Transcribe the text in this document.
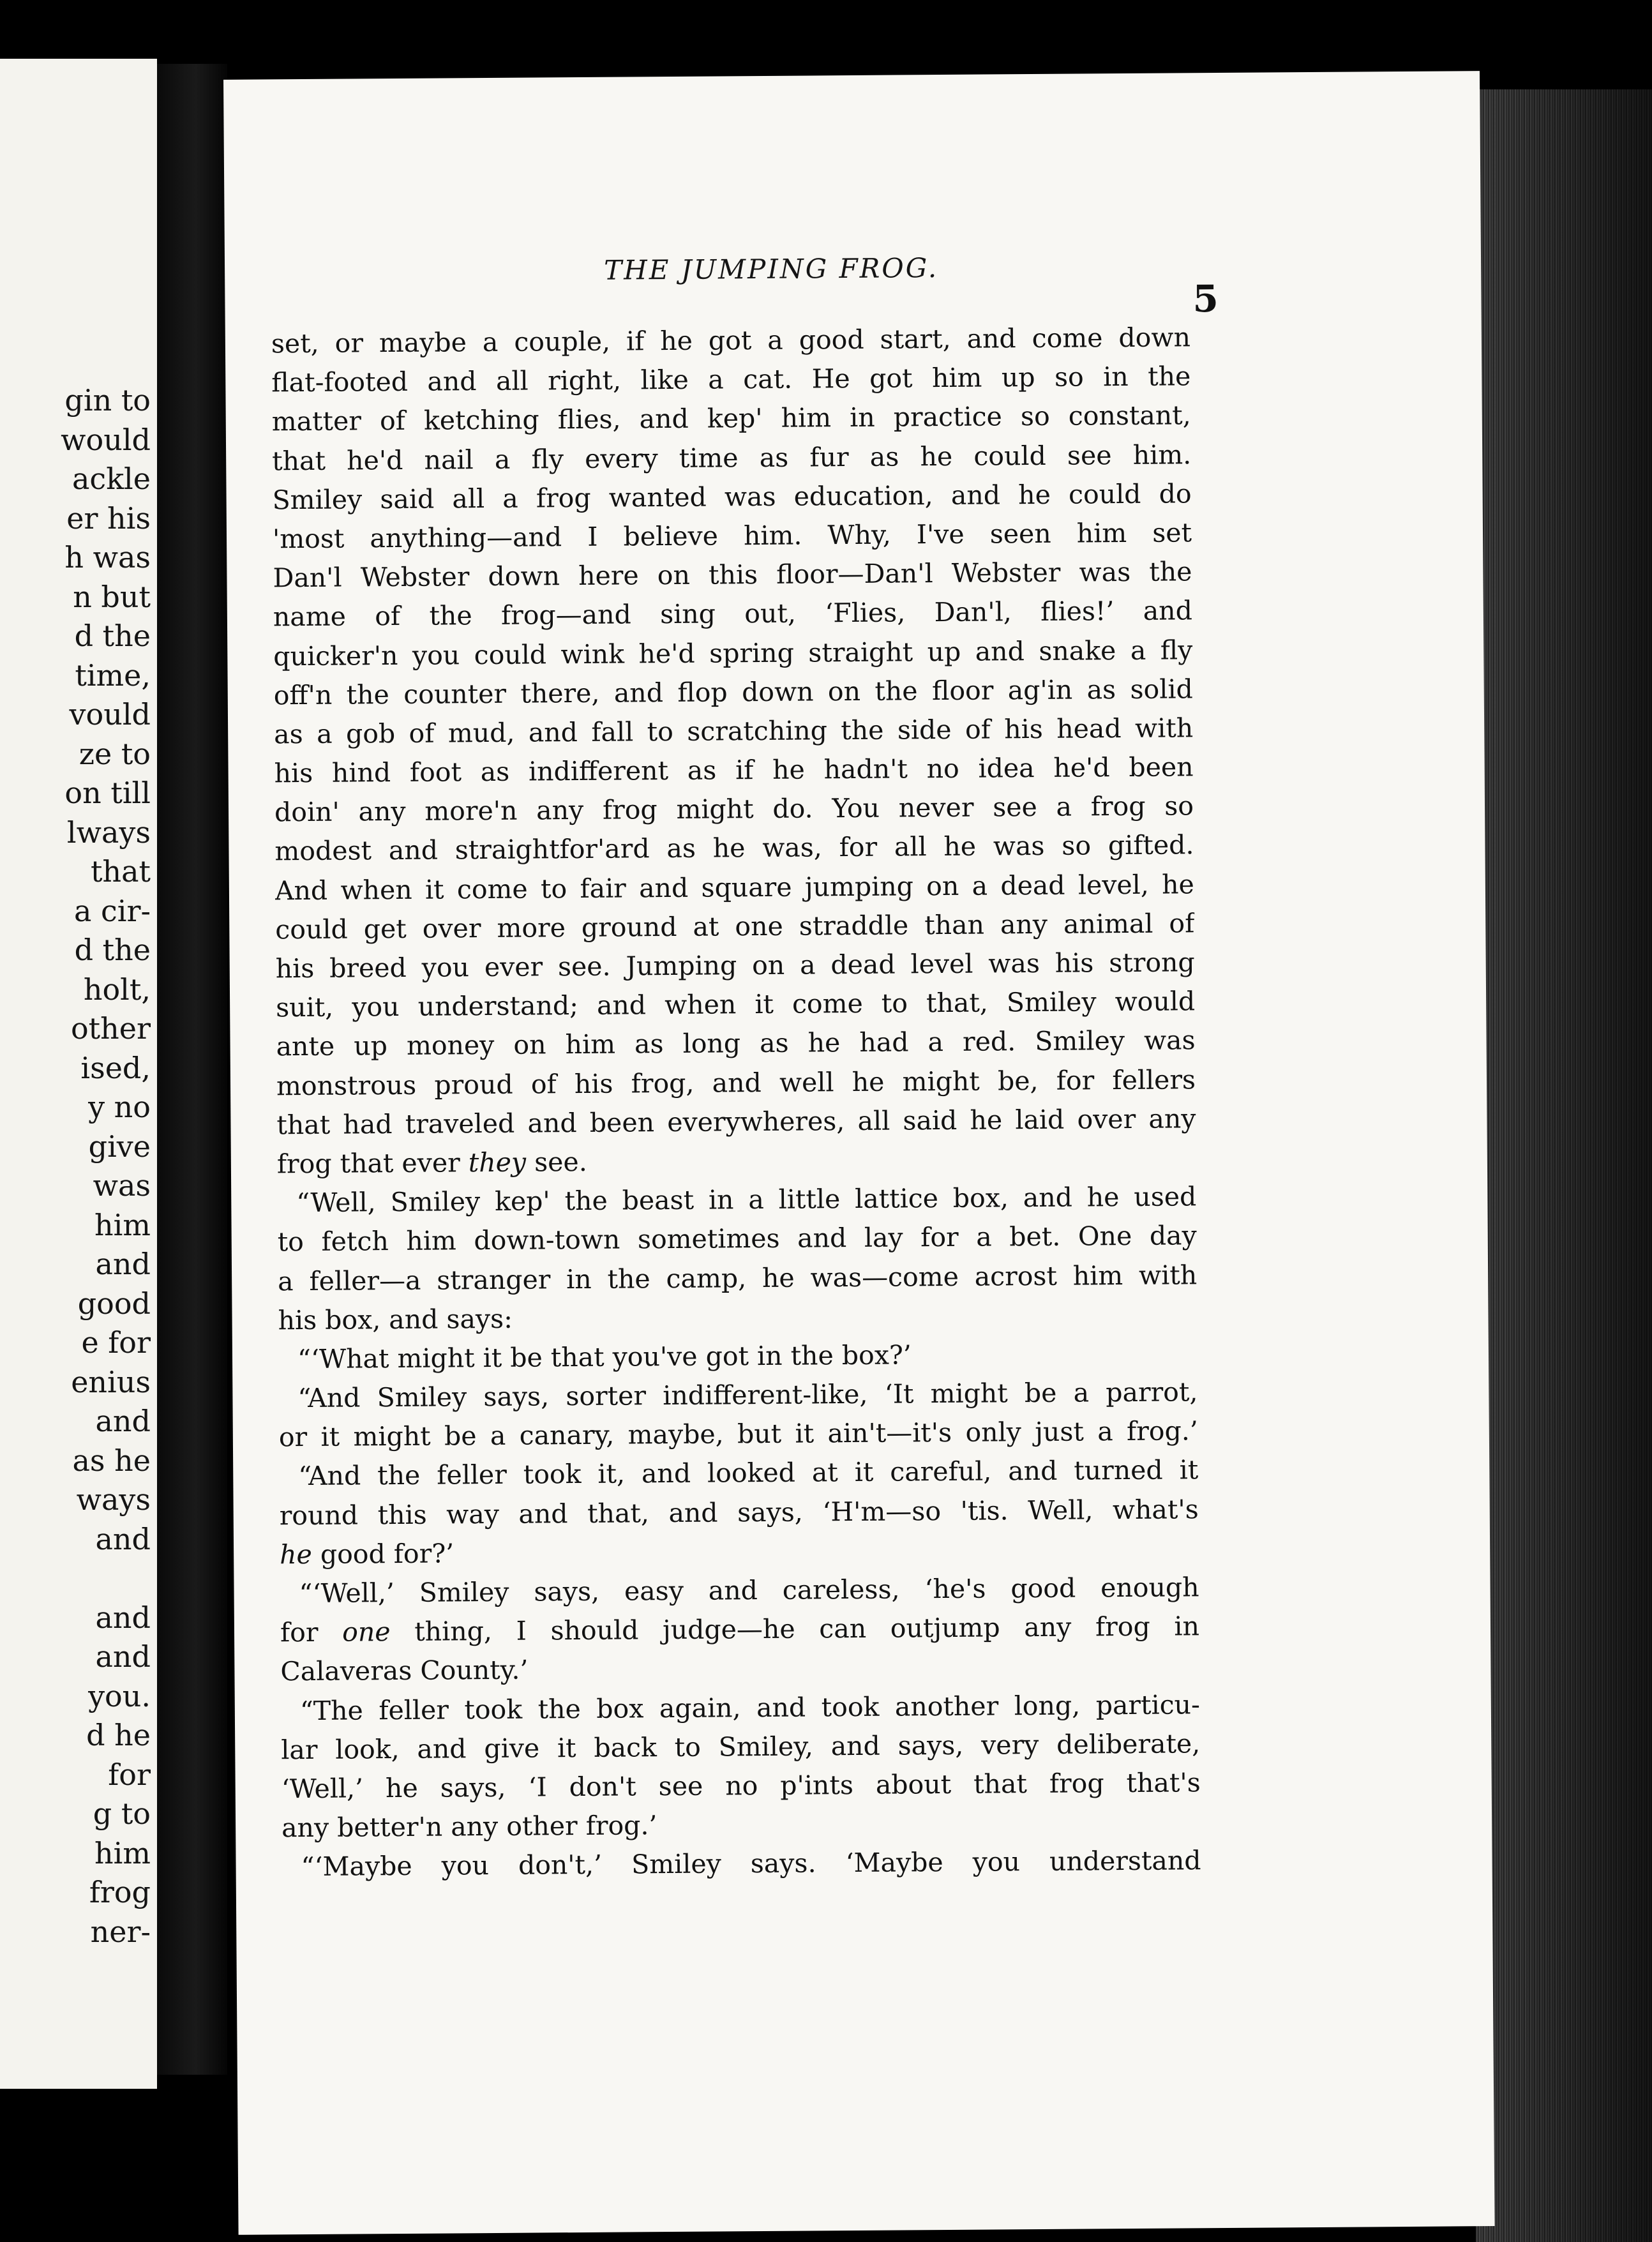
gin to
would
ackle
er his
h was
n but
d the
time,
vould
ze to
on till
lways
that
a cir-
d the
holt,
other
ised,
y no
give
was
him
and
good
e for
enius
and
as he
ways
and

and
and
you.
d he
for
g to
him
frog
ner-
THE JUMPING FROG.
5
set, or maybe a couple, if he got a good start, and come down
flat-footed and all right, like a cat. He got him up so in the
matter of ketching flies, and kep' him in practice so constant,
that he'd nail a fly every time as fur as he could see him.
Smiley said all a frog wanted was education, and he could do
'most anything—and I believe him. Why, I've seen him set
Dan'l Webster down here on this floor—Dan'l Webster was the
name of the frog—and sing out, ‘Flies, Dan'l, flies!’ and
quicker'n you could wink he'd spring straight up and snake a fly
off'n the counter there, and flop down on the floor ag'in as solid
as a gob of mud, and fall to scratching the side of his head with
his hind foot as indifferent as if he hadn't no idea he'd been
doin' any more'n any frog might do. You never see a frog so
modest and straightfor'ard as he was, for all he was so gifted.
And when it come to fair and square jumping on a dead level, he
could get over more ground at one straddle than any animal of
his breed you ever see. Jumping on a dead level was his strong
suit, you understand; and when it come to that, Smiley would
ante up money on him as long as he had a red. Smiley was
monstrous proud of his frog, and well he might be, for fellers
that had traveled and been everywheres, all said he laid over any
frog that ever they see.
“Well, Smiley kep' the beast in a little lattice box, and he used
to fetch him down-town sometimes and lay for a bet. One day
a feller—a stranger in the camp, he was—come acrost him with
his box, and says:
“‘What might it be that you've got in the box?’
“And Smiley says, sorter indifferent-like, ‘It might be a parrot,
or it might be a canary, maybe, but it ain't—it's only just a frog.’
“And the feller took it, and looked at it careful, and turned it
round this way and that, and says, ‘H'm—so 'tis. Well, what's
he good for?’
“‘Well,’ Smiley says, easy and careless, ‘he's good enough
for one thing, I should judge—he can outjump any frog in
Calaveras County.’
“The feller took the box again, and took another long, particu-
lar look, and give it back to Smiley, and says, very deliberate,
‘Well,’ he says, ‘I don't see no p'ints about that frog that's
any better'n any other frog.’
“‘Maybe you don't,’ Smiley says. ‘Maybe you understand
